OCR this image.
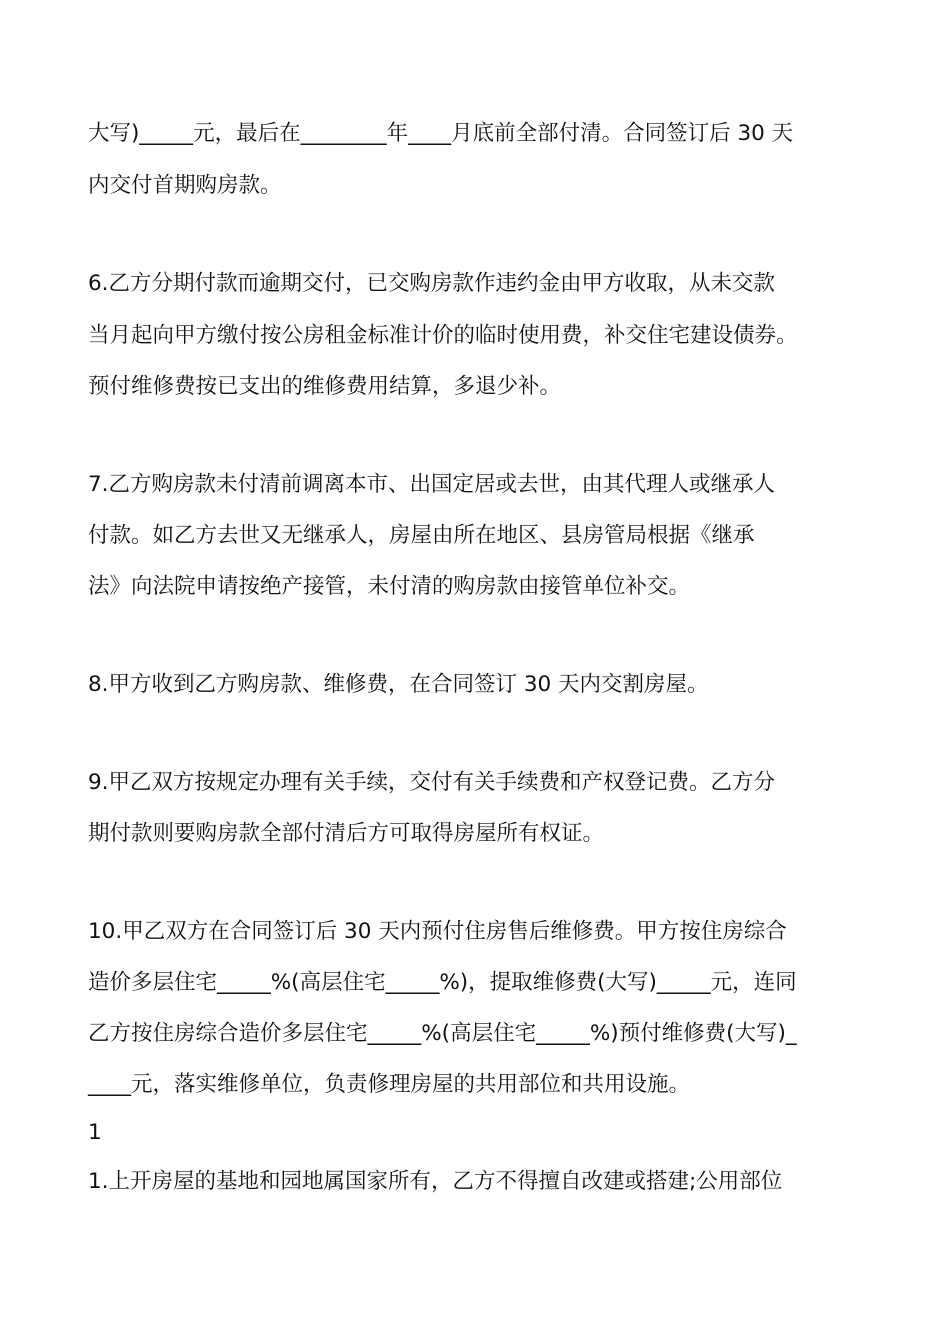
大写)_____元，最后在________年____月底前全部付清。合同签订后 30 天
内交付首期购房款。
6.乙方分期付款而逾期交付，已交购房款作违约金由甲方收取，从未交款
当月起向甲方缴付按公房租金标准计价的临时使用费，补交住宅建设债券。
预付维修费按已支出的维修费用结算，多退少补。
7.乙方购房款未付清前调离本市、出国定居或去世，由其代理人或继承人
付款。如乙方去世又无继承人，房屋由所在地区、县房管局根据《继承
法》向法院申请按绝产接管，未付清的购房款由接管单位补交。
8.甲方收到乙方购房款、维修费，在合同签订 30 天内交割房屋。
9.甲乙双方按规定办理有关手续，交付有关手续费和产权登记费。乙方分
期付款则要购房款全部付清后方可取得房屋所有权证。
10.甲乙双方在合同签订后 30 天内预付住房售后维修费。甲方按住房综合
造价多层住宅_____%(高层住宅_____%)，提取维修费(大写)_____元，连同
乙方按住房综合造价多层住宅_____%(高层住宅_____%)预付维修费(大写)_
____元，落实维修单位，负责修理房屋的共用部位和共用设施。
1
1.上开房屋的基地和园地属国家所有，乙方不得擅自改建或搭建;公用部位
